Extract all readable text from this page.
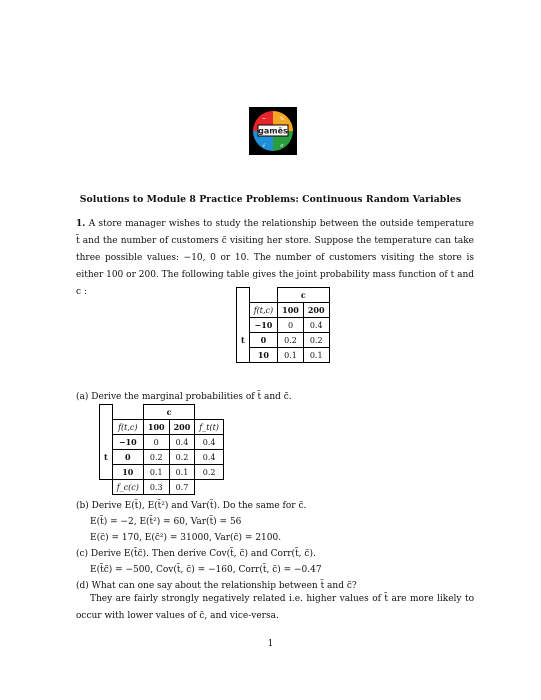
gamēs
~	%
√	σ
Solutions to Module 8 Practice Problems: Continuous Random Variables
1. A store manager wishes to study the relationship between the outside temperature t̃ and the number of customers c̃ visiting her store. Suppose the temperature can take three possible values: −10, 0 or 10. The number of customers visiting the store is either 100 or 200. The following table gives the joint probability mass function of t and c :
			c	
	f(t,c)	100	200
	−10	0	0.4
t	0	0.2	0.2
	10	0.1	0.1
(a) Derive the marginal probabilities of t̃ and c̃.
		c		
	f(t,c)	100	200	f_t(t)
	−10	0	0.4	0.4
t	0	0.2	0.2	0.4
	10	0.1	0.1	0.2
	f_c(c)	0.3	0.7	
(b) Derive E(t̃), E(t̃²) and Var(t̃). Do the same for c̃.
E(t̃) = −2, E(t̃²) = 60, Var(t̃) = 56
E(c̃) = 170, E(c̃²) = 31000, Var(c̃) = 2100.
(c) Derive E(t̃c̃). Then derive Cov(t̃, c̃) and Corr(t̃, c̃).
E(t̃c̃) = −500, Cov(t̃, c̃) = −160, Corr(t̃, c̃) = −0.47
(d) What can one say about the relationship between t̃ and c̃?
They are fairly strongly negatively related i.e. higher values of t̃ are more likely to occur with lower values of c̃, and vice-versa.
1
